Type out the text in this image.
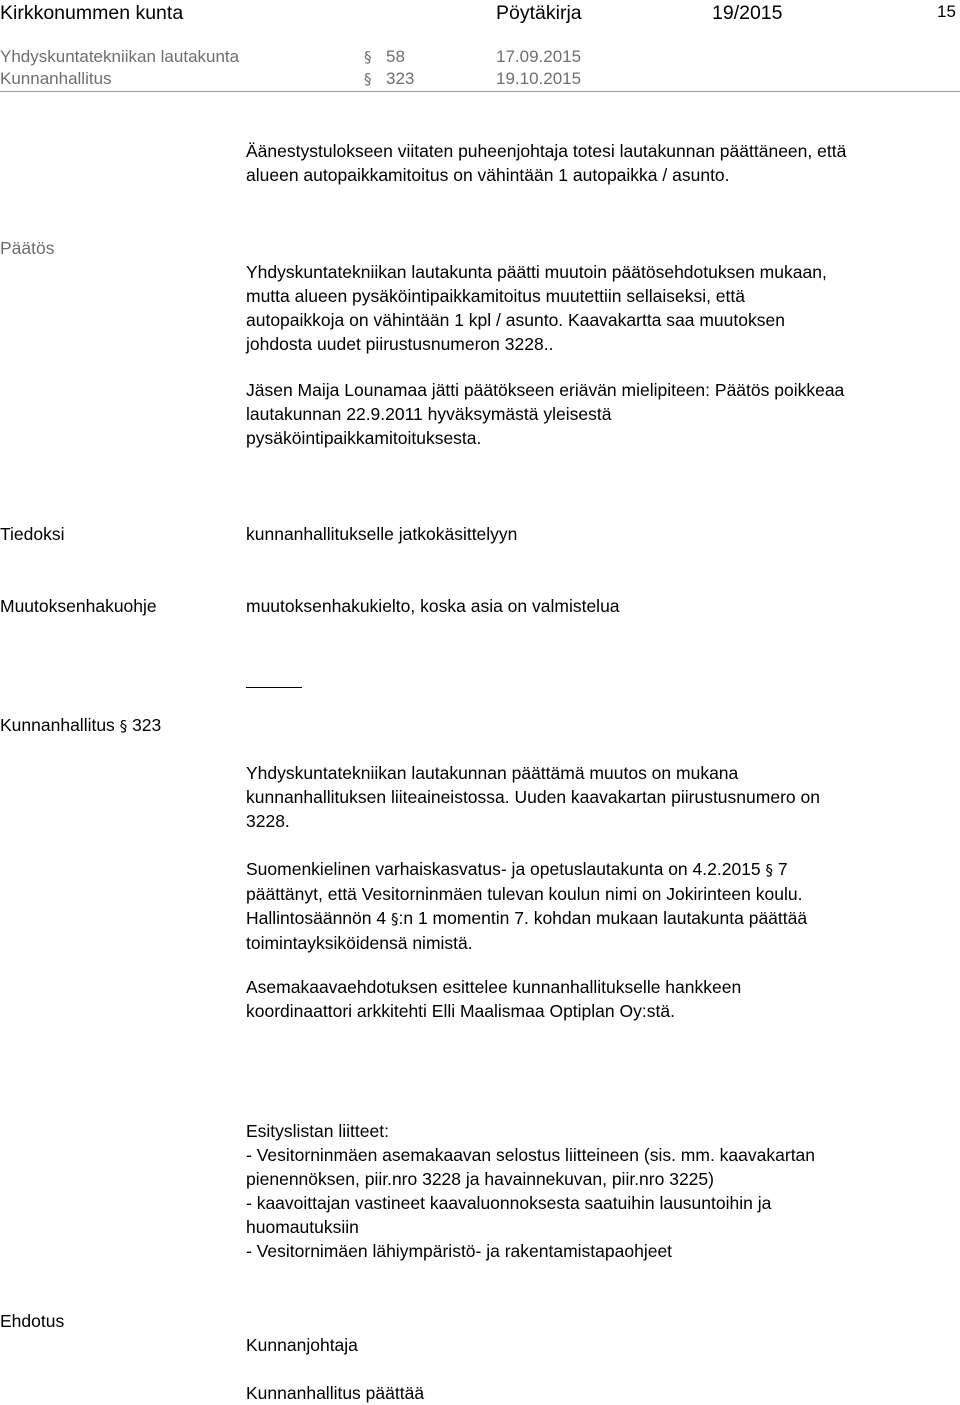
Kirkkonummen kunta	Pöytäkirja	19/2015	15
Yhdyskuntatekniikan lautakunta	§ 58	17.09.2015
Kunnanhallitus	§ 323	19.10.2015
Äänestystulokseen viitaten puheenjohtaja totesi lautakunnan päättäneen, että
alueen autopaikkamitoitus on vähintään 1 autopaikka / asunto.
Päätös
Yhdyskuntatekniikan lautakunta päätti muutoin päätösehdotuksen mukaan,
mutta alueen pysäköintipaikkamitoitus muutettiin sellaiseksi, että
autopaikkoja on vähintään 1 kpl / asunto. Kaavakartta saa muutoksen
johdosta uudet piirustusnumeron 3228..
Jäsen Maija Lounamaa jätti päätökseen eriävän mielipiteen: Päätös poikkeaa
lautakunnan 22.9.2011 hyväksymästä yleisestä
pysäköintipaikkamitoituksesta.
Tiedoksi	kunnanhallitukselle jatkokäsittelyyn
Muutoksenhakuohje	muutoksenhakukielto, koska asia on valmistelua
Kunnanhallitus § 323
Yhdyskuntatekniikan lautakunnan päättämä muutos on mukana
kunnanhallituksen liiteaineistossa. Uuden kaavakartan piirustusnumero on
3228.
Suomenkielinen varhaiskasvatus- ja opetuslautakunta on 4.2.2015 § 7
päättänyt, että Vesitorninmäen tulevan koulun nimi on Jokirinteen koulu.
Hallintosäännön 4 §:n 1 momentin 7. kohdan mukaan lautakunta päättää
toimintayksiköidensä nimistä.
Asemakaavaehdotuksen esittelee kunnanhallitukselle hankkeen
koordinaattori arkkitehti Elli Maalismaa Optiplan Oy:stä.
Esityslistan liitteet:
- Vesitorninmäen asemakaavan selostus liitteineen (sis. mm. kaavakartan
pienennöksen, piir.nro 3228 ja havainnekuvan, piir.nro 3225)
- kaavoittajan vastineet kaavaluonnoksesta saatuihin lausuntoihin ja
huomautuksiin
- Vesitornimäen lähiympäristö- ja rakentamistapaohjeet
Ehdotus
Kunnanjohtaja
Kunnanhallitus päättää
